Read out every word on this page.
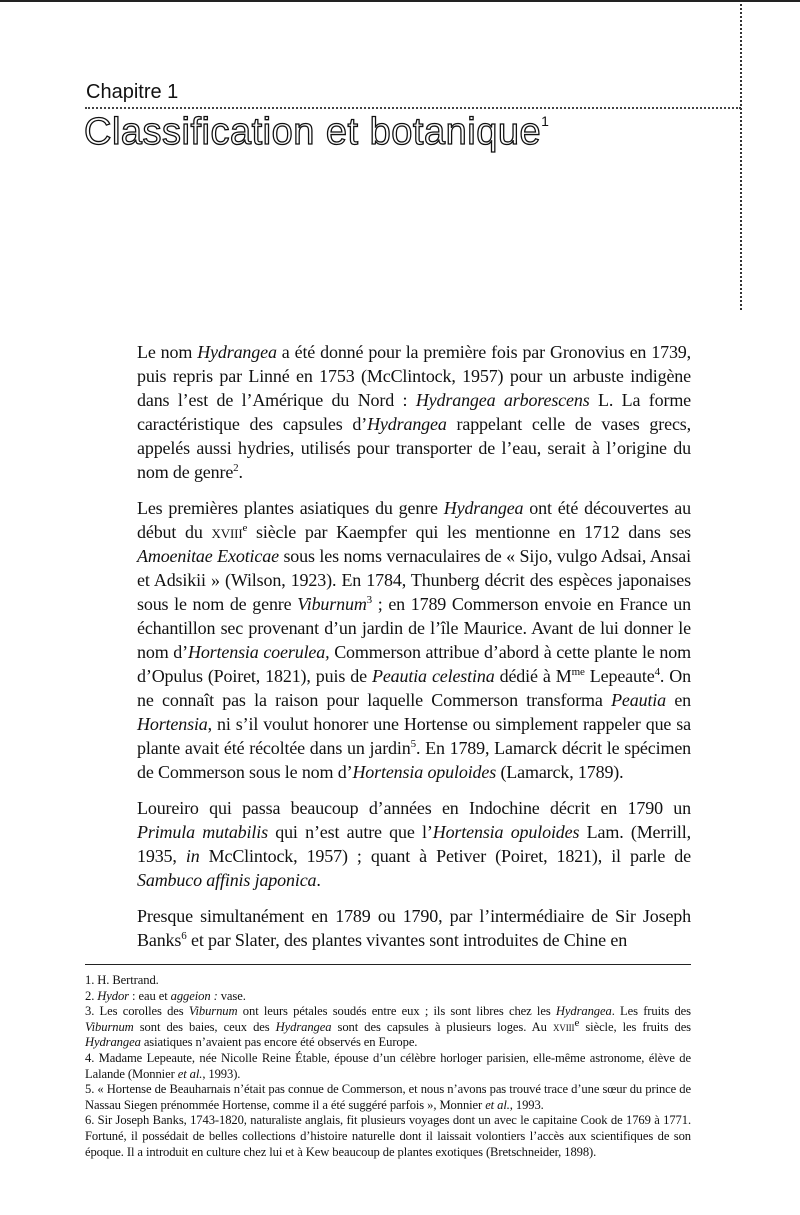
Chapitre 1
Classification et botanique$^1$

Le nom Hydrangea a été donné pour la première fois par Gronovius en 1739, puis repris par Linné en 1753 (McClintock, 1957) pour un arbuste indigène dans l’est de l’Amérique du Nord : Hydrangea arborescens L. La forme caractéristique des capsules d’Hydrangea rappelant celle de vases grecs, appelés aussi hydries, utilisés pour transporter de l’eau, serait à l’origine du nom de genre$^2$.

Les premières plantes asiatiques du genre Hydrangea ont été découvertes au début du xviii$^e$ siècle par Kaempfer qui les mentionne en 1712 dans ses Amoenitae Exoticae sous les noms vernaculaires de « Sijo, vulgo Adsai, Ansai et Adsikii » (Wilson, 1923). En 1784, Thunberg décrit des espèces japonaises sous le nom de genre Viburnum$^3$ ; en 1789 Commerson envoie en France un échantillon sec provenant d’un jardin de l’île Maurice. Avant de lui donner le nom d’Hortensia coerulea, Commerson attribue d’abord à cette plante le nom d’Opulus (Poiret, 1821), puis de Peautia celestina dédié à $M^{me}$ Lepeaute$^4$. On ne connaît pas la raison pour laquelle Commerson transforma Peautia en Hortensia, ni s’il voulut honorer une Hortense ou simplement rappeler que sa plante avait été récoltée dans un jardin$^5$. En 1789, Lamarck décrit le spécimen de Commerson sous le nom d’Hortensia opuloides (Lamarck, 1789).

Loureiro qui passa beaucoup d’années en Indochine décrit en 1790 un Primula mutabilis qui n’est autre que l’Hortensia opuloides Lam. (Merrill, 1935, in McClintock, 1957) ; quant à Petiver (Poiret, 1821), il parle de Sambuco affinis japonica.

Presque simultanément en 1789 ou 1790, par l’intermédiaire de Sir Joseph Banks$^6$ et par Slater, des plantes vivantes sont introduites de Chine en

1. H. Bertrand.

2. Hydor : eau et aggeion : vase.

3. Les corolles des Viburnum ont leurs pétales soudés entre eux ; ils sont libres chez les Hydrangea. Les fruits des Viburnum sont des baies, ceux des Hydrangea sont des capsules à plusieurs loges. Au xviii$^e$ siècle, les fruits des Hydrangea asiatiques n’avaient pas encore été observés en Europe.

4. Madame Lepeaute, née Nicolle Reine Étable, épouse d’un célèbre horloger parisien, elle-même astronome, élève de Lalande (Monnier et al., 1993).

5. « Hortense de Beauharnais n’était pas connue de Commerson, et nous n’avons pas trouvé trace d’une sœur du prince de Nassau Siegen prénommée Hortense, comme il a été suggéré parfois », Monnier et al., 1993.

6. Sir Joseph Banks, 1743-1820, naturaliste anglais, fit plusieurs voyages dont un avec le capitaine Cook de 1769 à 1771. Fortuné, il possédait de belles collections d’histoire naturelle dont il laissait volontiers l’accès aux scientifiques de son époque. Il a introduit en culture chez lui et à Kew beaucoup de plantes exotiques (Bretschneider, 1898).
